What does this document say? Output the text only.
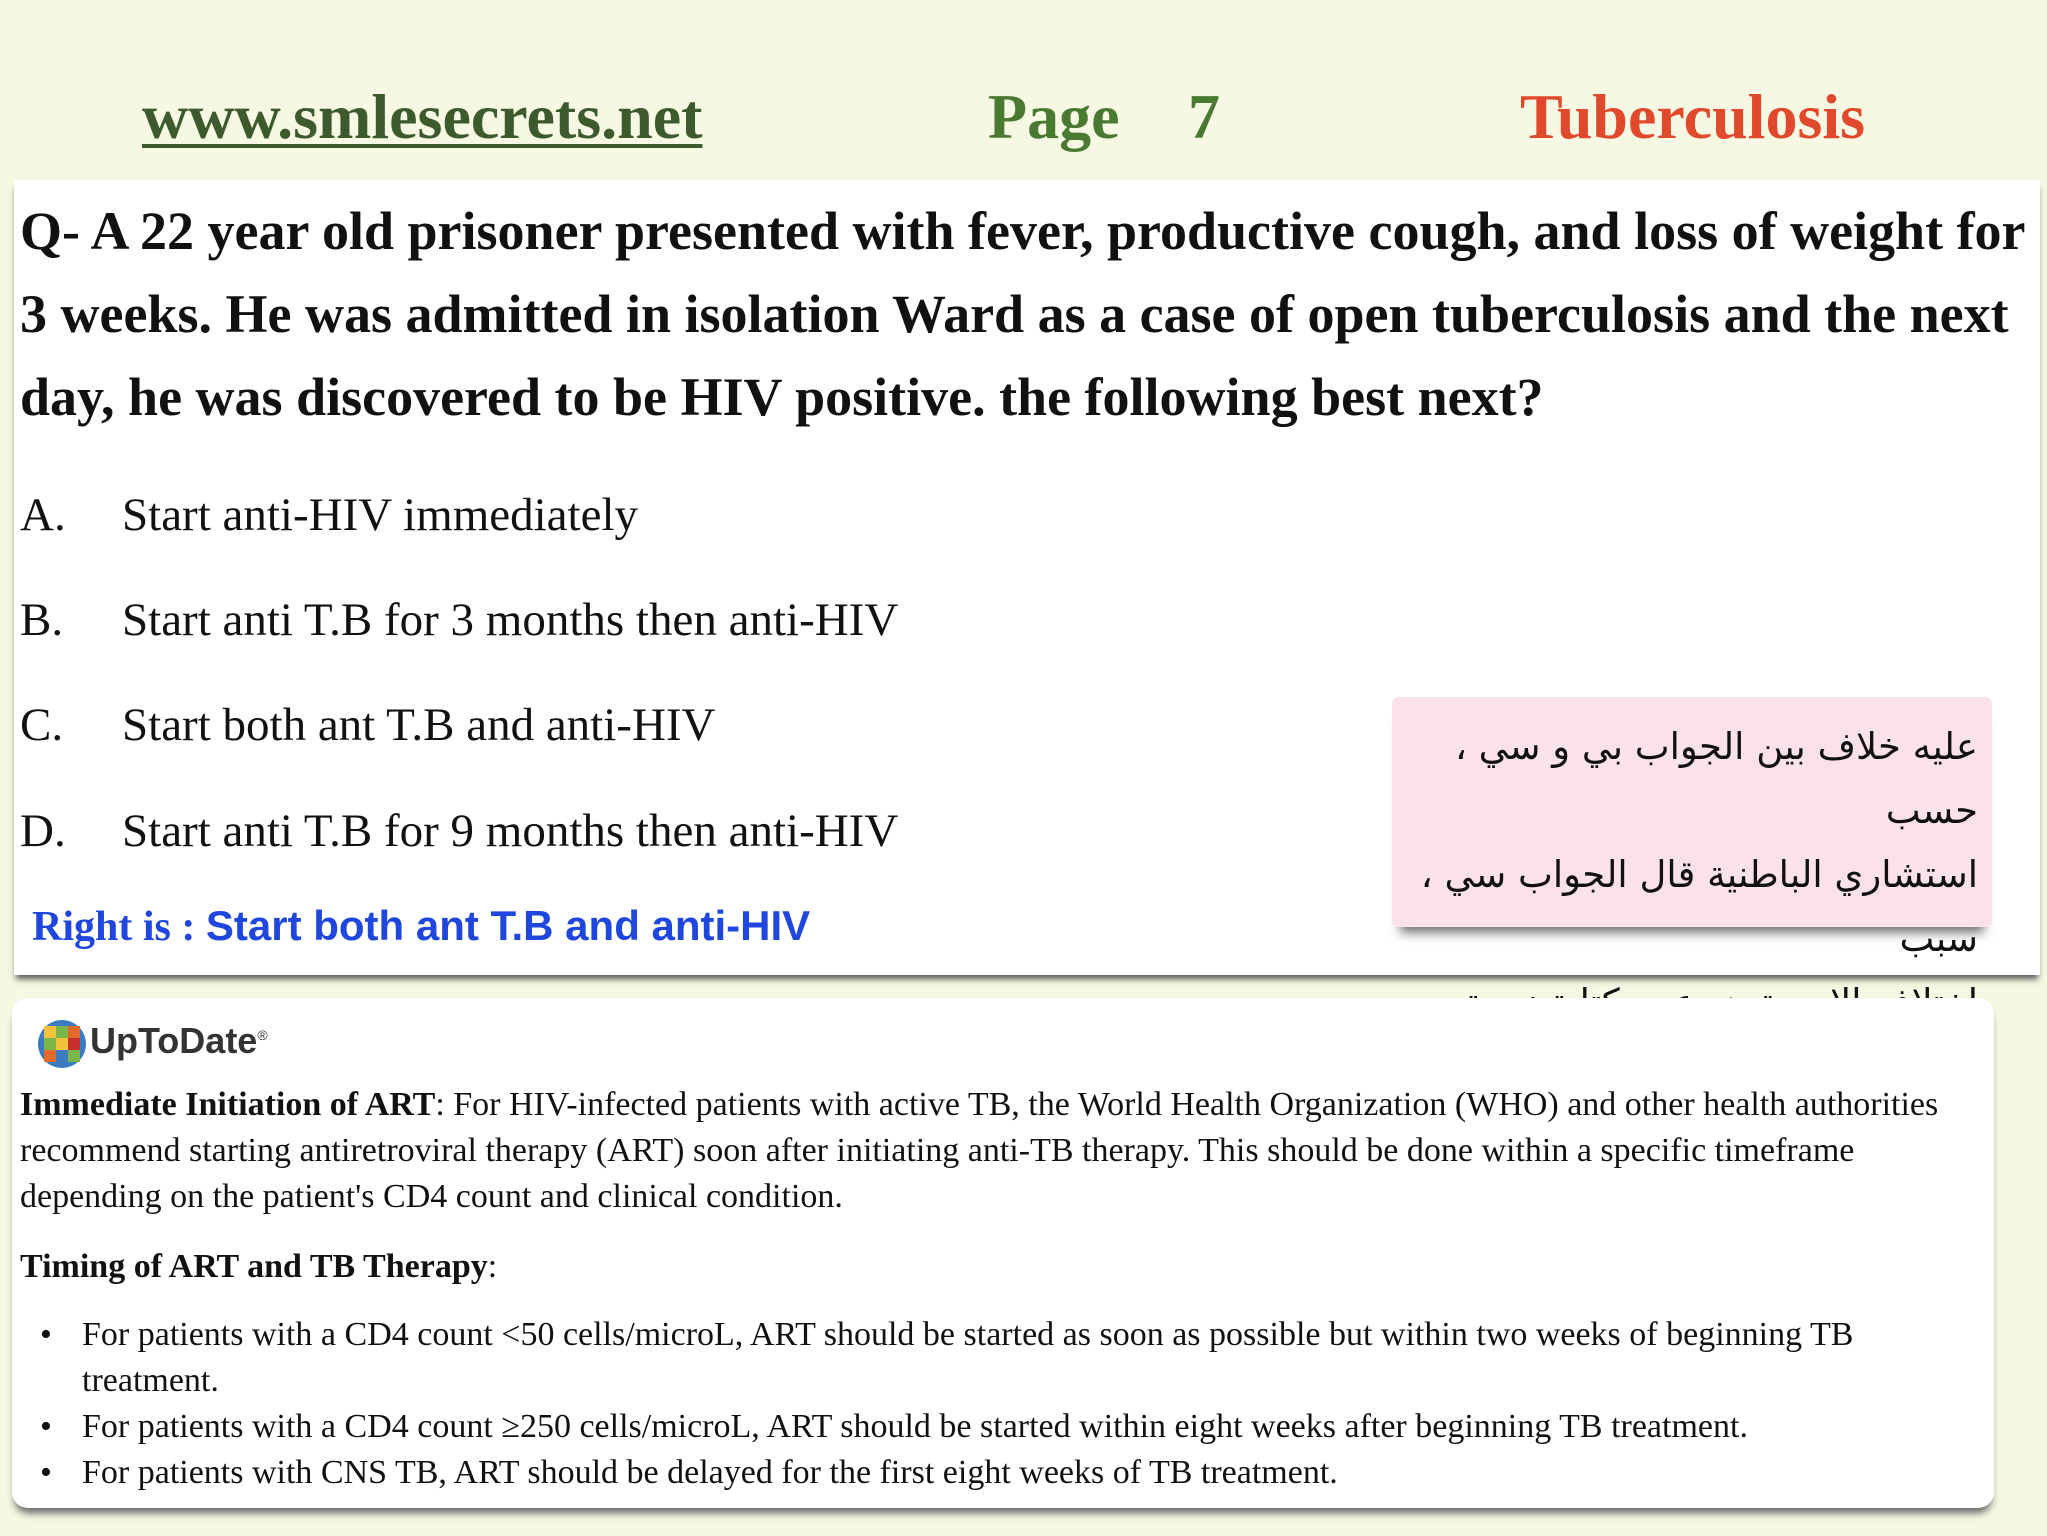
www.smlesecrets.net	Page 7	Tuberculosis

Q- A 22 year old prisoner presented with fever, productive cough, and loss of weight for 3 weeks. He was admitted in isolation Ward as a case of open tuberculosis and the next day, he was discovered to be HIV positive. the following best next?

A. Start anti-HIV immediately
B. Start anti T.B for 3 months then anti-HIV
C. Start both ant T.B and anti-HIV
D. Start anti T.B for 9 months then anti-HIV
Right is : Start both ant T.B and anti-HIV
عليه خلاف بين الجواب بي و سي ، حسب
استشاري الباطنية قال الجواب سي ، سبب
UpToDate®

Immediate Initiation of ART: For HIV-infected patients with active TB, the World Health Organization (WHO) and other health authorities recommend starting antiretroviral therapy (ART) soon after initiating anti-TB therapy. This should be done within a specific timeframe depending on the patient's CD4 count and clinical condition.

Timing of ART and TB Therapy:

• For patients with a CD4 count <50 cells/microL, ART should be started as soon as possible but within two weeks of beginning TB treatment.
• For patients with a CD4 count ≥250 cells/microL, ART should be started within eight weeks after beginning TB treatment.
• For patients with CNS TB, ART should be delayed for the first eight weeks of TB treatment.
